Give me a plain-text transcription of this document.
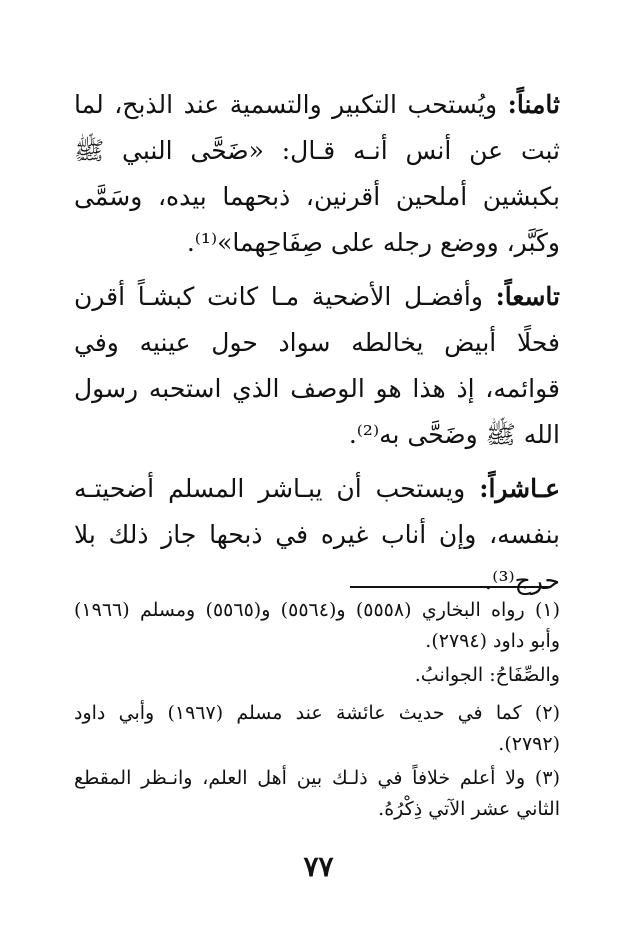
ثامناً: ويُستحب التكبير والتسمية عند الذبح، لما ثبت عن أنس أنـه قـال: «ضَحَّى النبي ﷺ بكبشين أملحين أقرنين، ذبحهما بيده، وسَمَّى وكَبَّر، ووضع رجله على صِفَاحِهما»⁽¹⁾.

تاسعاً: وأفضـل الأضحية مـا كانت كبشـاً أقرن فحلًا أبيض يخالطه سواد حول عينيه وفي قوائمه، إذ هذا هو الوصف الذي استحبه رسول الله ﷺ وضَحَّى به⁽²⁾.

عـاشراً: ويستحب أن يبـاشر المسلم أضحيتـه بنفسه، وإن أناب غيره في ذبحها جاز ذلك بلا حرج⁽³⁾.

(١) رواه البخاري (٥٥٥٨) و(٥٥٦٤) و(٥٥٦٥) ومسلم (١٩٦٦) وأبو داود (٢٧٩٤).

والصِّفَاحُ: الجوانبُ.

(٢) كما في حديث عائشة عند مسلم (١٩٦٧) وأبي داود (٢٧٩٢).

(٣) ولا أعلم خلافاً في ذلـك بين أهل العلم، وانـظر المقطع الثاني عشر الآتي ذِكْرُهُ.

٧٧
